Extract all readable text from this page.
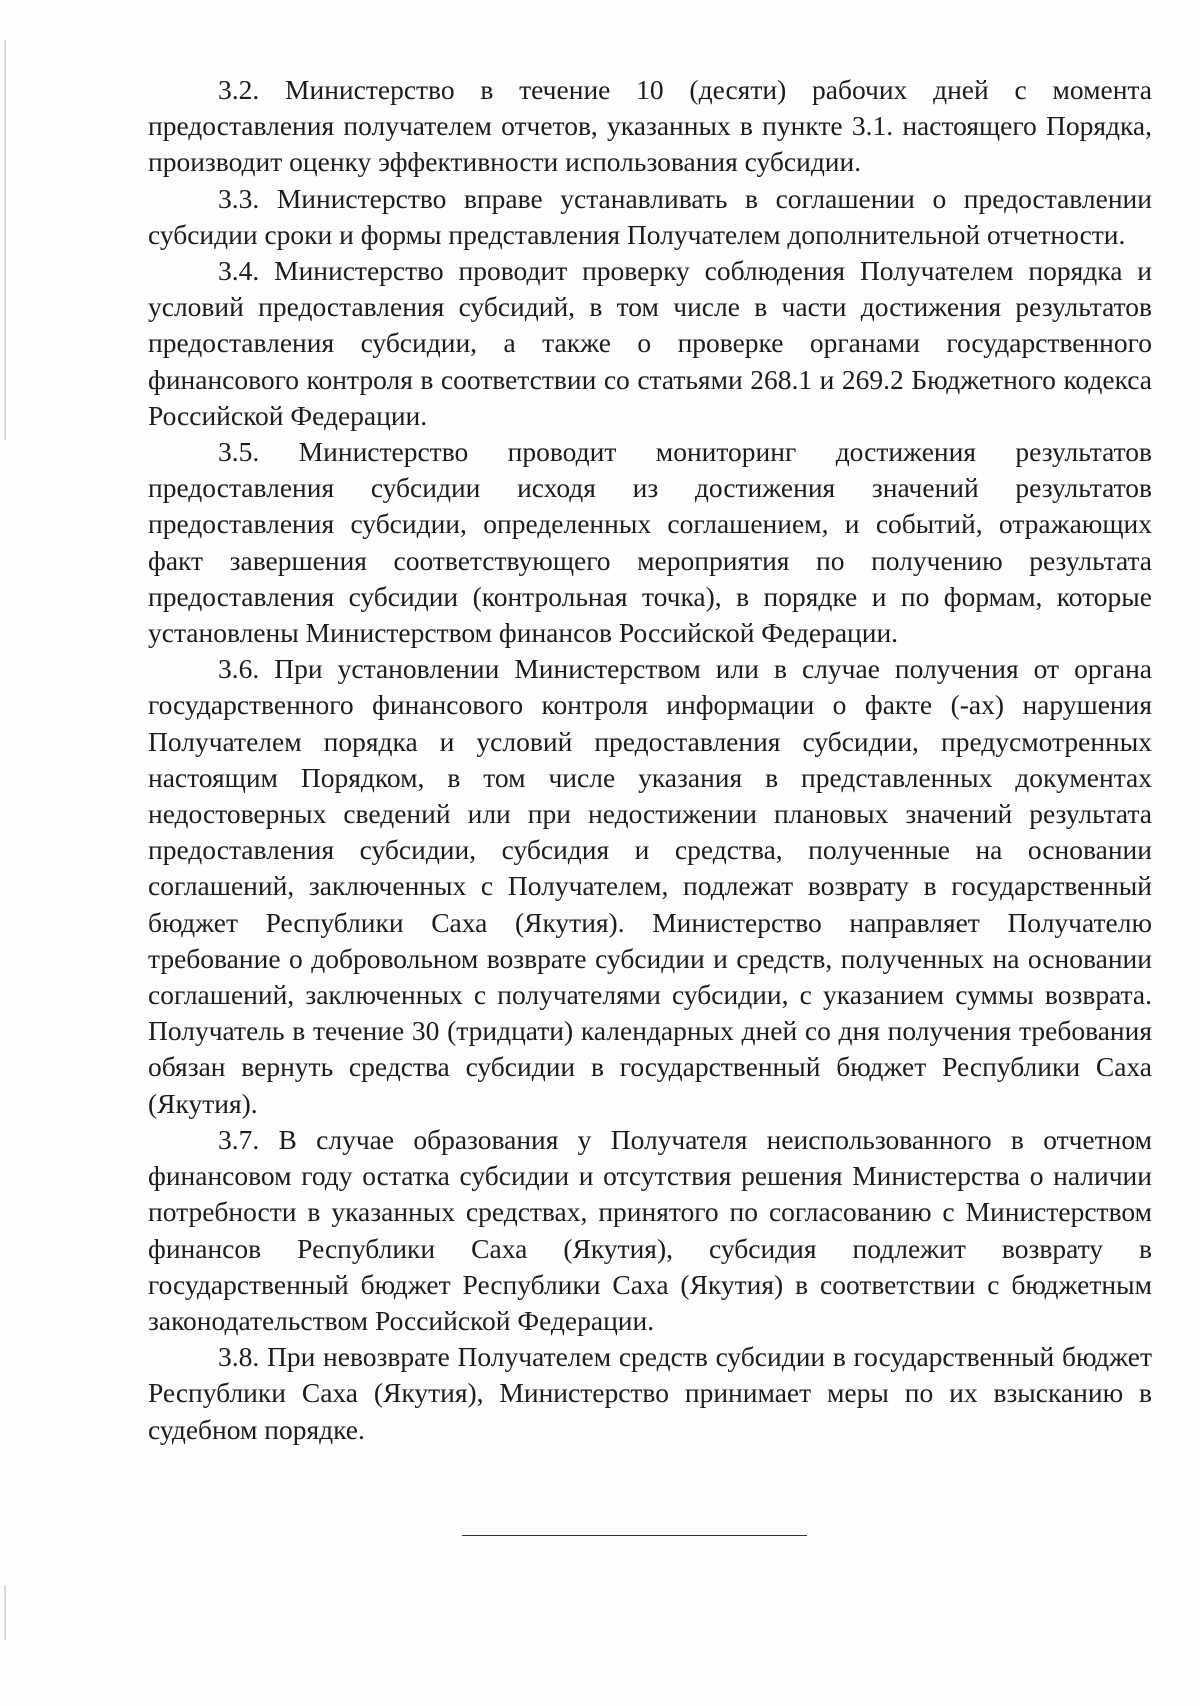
3.2. Министерство в течение 10 (десяти) рабочих дней с момента предоставления получателем отчетов, указанных в пункте 3.1. настоящего Порядка, производит оценку эффективности использования субсидии.

3.3. Министерство вправе устанавливать в соглашении о предоставлении субсидии сроки и формы представления Получателем дополнительной отчетности.

3.4. Министерство проводит проверку соблюдения Получателем порядка и условий предоставления субсидий, в том числе в части достижения результатов предоставления субсидии, а также о проверке органами государственного финансового контроля в соответствии со статьями 268.1 и 269.2 Бюджетного кодекса Российской Федерации.

3.5. Министерство проводит мониторинг достижения результатов предоставления субсидии исходя из достижения значений результатов предоставления субсидии, определенных соглашением, и событий, отражающих факт завершения соответствующего мероприятия по получению результата предоставления субсидии (контрольная точка), в порядке и по формам, которые установлены Министерством финансов Российской Федерации.

3.6. При установлении Министерством или в случае получения от органа государственного финансового контроля информации о факте (-ах) нарушения Получателем порядка и условий предоставления субсидии, предусмотренных настоящим Порядком, в том числе указания в представленных документах недостоверных сведений или при недостижении плановых значений результата предоставления субсидии, субсидия и средства, полученные на основании соглашений, заключенных с Получателем, подлежат возврату в государственный бюджет Республики Саха (Якутия). Министерство направляет Получателю требование о добровольном возврате субсидии и средств, полученных на основании соглашений, заключенных с получателями субсидии, с указанием суммы возврата. Получатель в течение 30 (тридцати) календарных дней со дня получения требования обязан вернуть средства субсидии в государственный бюджет Республики Саха (Якутия).

3.7. В случае образования у Получателя неиспользованного в отчетном финансовом году остатка субсидии и отсутствия решения Министерства о наличии потребности в указанных средствах, принятого по согласованию с Министерством финансов Республики Саха (Якутия), субсидия подлежит возврату в государственный бюджет Республики Саха (Якутия) в соответствии с бюджетным законодательством Российской Федерации.

3.8. При невозврате Получателем средств субсидии в государственный бюджет Республики Саха (Якутия), Министерство принимает меры по их взысканию в судебном порядке.
